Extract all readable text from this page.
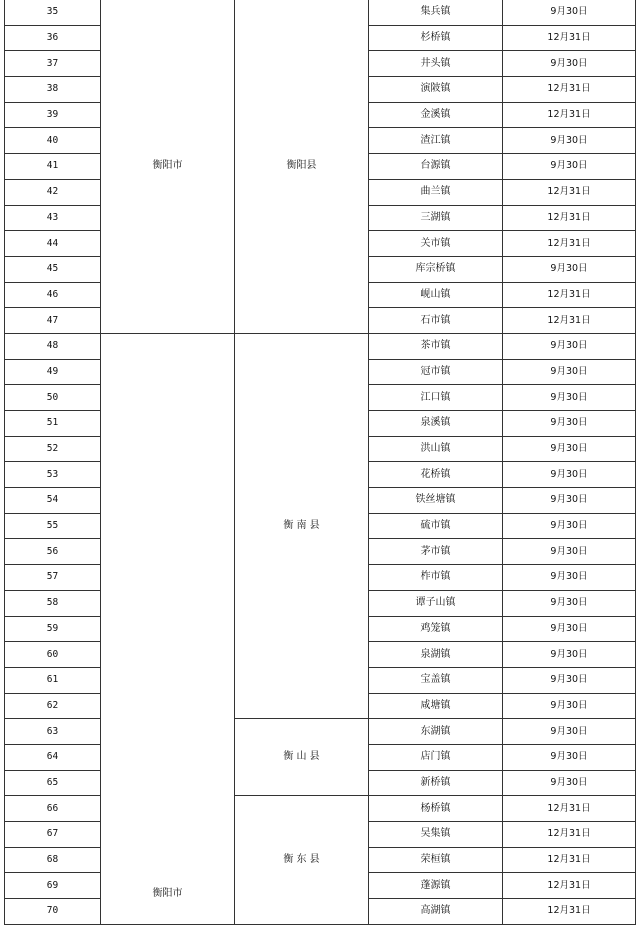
35	衡阳市	衡阳县	集兵镇	9月30日
36			杉桥镇	12月31日
37			井头镇	9月30日
38			演陂镇	12月31日
39			金溪镇	12月31日
40			渣江镇	9月30日
41			台源镇	9月30日
42			曲兰镇	12月31日
43			三湖镇	12月31日
44			关市镇	12月31日
45			库宗桥镇	9月30日
46			岘山镇	12月31日
47			石市镇	12月31日
48	衡阳市	衡 南 县	茶市镇	9月30日
49			冠市镇	9月30日
50			江口镇	9月30日
51			泉溪镇	9月30日
52			洪山镇	9月30日
53			花桥镇	9月30日
54			铁丝塘镇	9月30日
55			硫市镇	9月30日
56			茅市镇	9月30日
57			柞市镇	9月30日
58			谭子山镇	9月30日
59			鸡笼镇	9月30日
60			泉湖镇	9月30日
61			宝盖镇	9月30日
62			咸塘镇	9月30日
63		衡 山 县	东湖镇	9月30日
64			店门镇	9月30日
65			新桥镇	9月30日
66		衡 东 县	杨桥镇	12月31日
67			吴集镇	12月31日
68			荣桓镇	12月31日
69			蓬源镇	12月31日
70			高湖镇	12月31日
